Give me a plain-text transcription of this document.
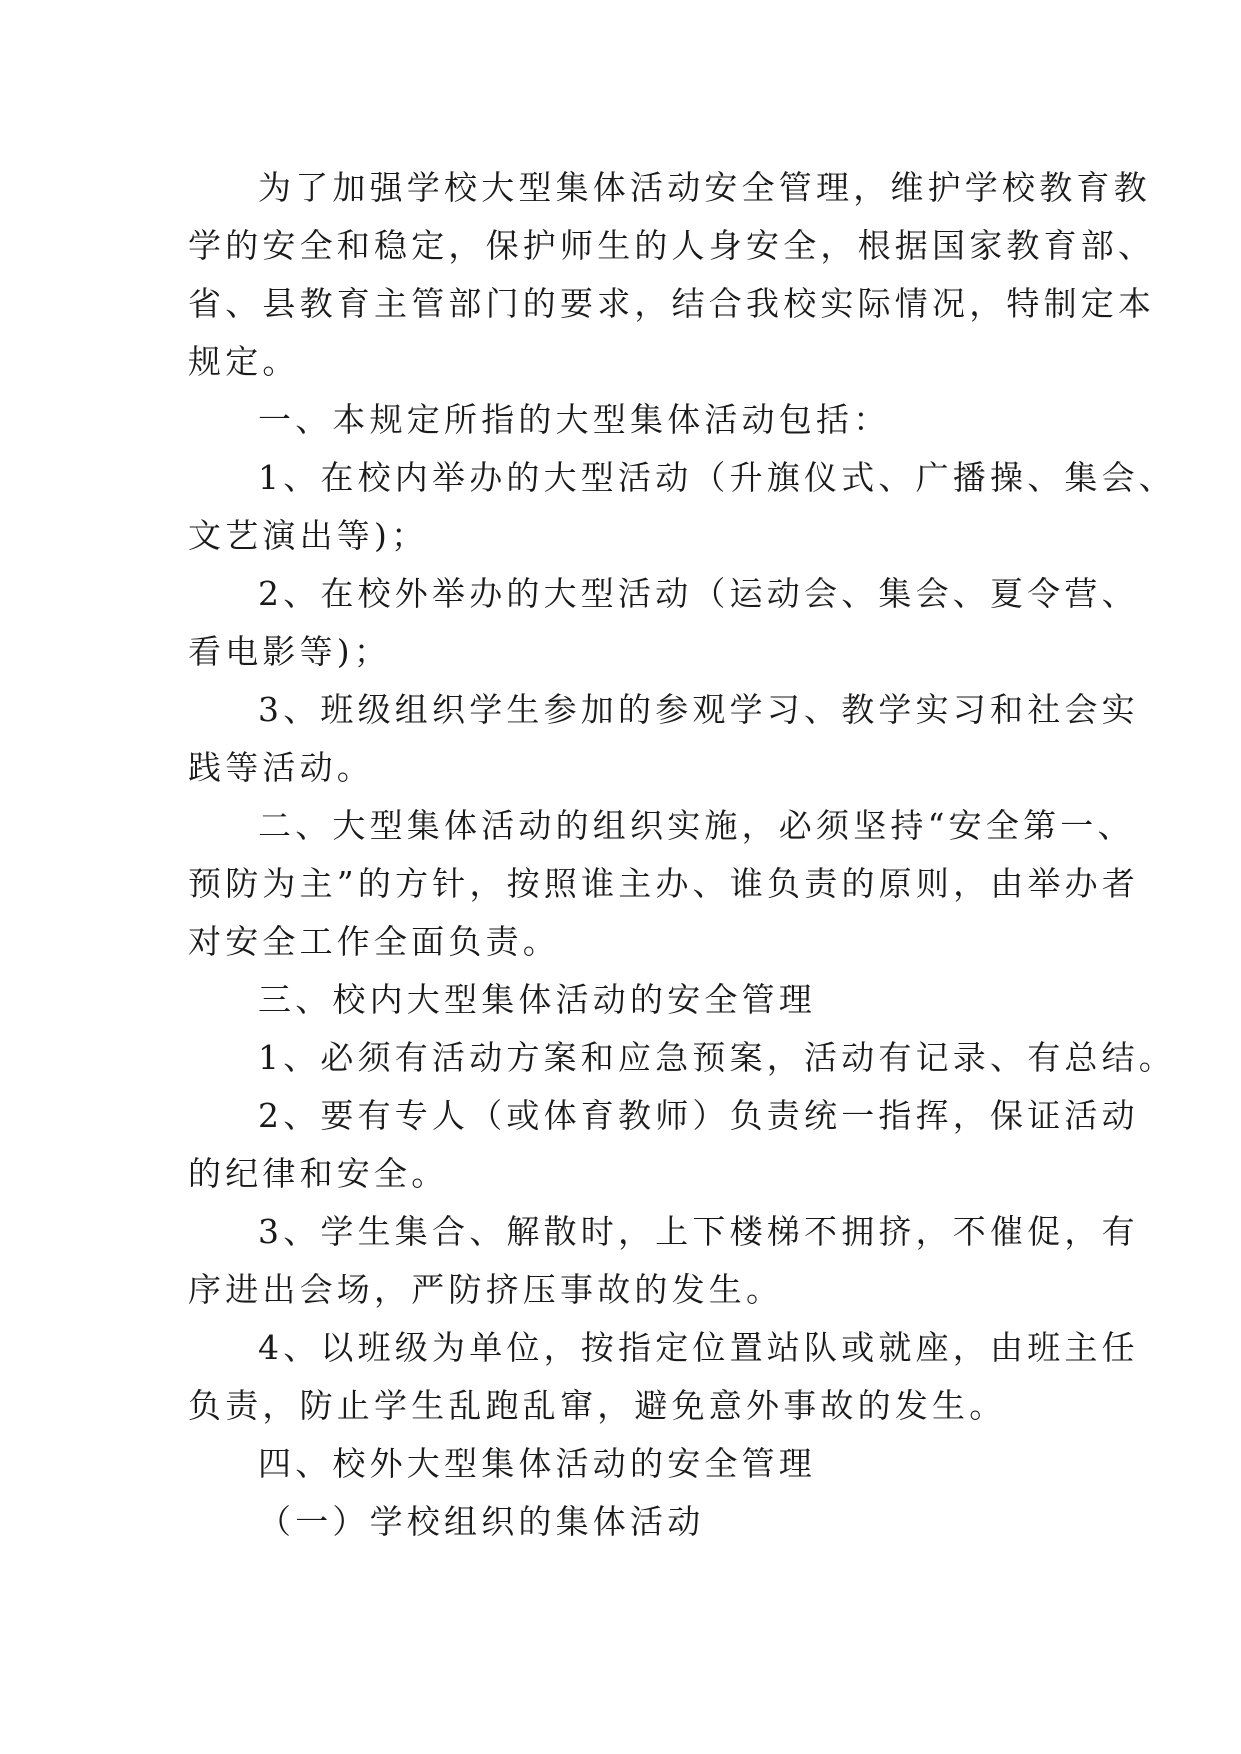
为了加强学校大型集体活动安全管理，维护学校教育教
学的安全和稳定，保护师生的人身安全，根据国家教育部、
省、县教育主管部门的要求，结合我校实际情况，特制定本
规定。
一、本规定所指的大型集体活动包括：
1、在校内举办的大型活动（升旗仪式、广播操、集会、
文艺演出等)；
2、在校外举办的大型活动（运动会、集会、夏令营、
看电影等)；
3、班级组织学生参加的参观学习、教学实习和社会实
践等活动。
二、大型集体活动的组织实施，必须坚持“安全第一、
预防为主”的方针，按照谁主办、谁负责的原则，由举办者
对安全工作全面负责。
三、校内大型集体活动的安全管理
1、必须有活动方案和应急预案，活动有记录、有总结。
2、要有专人（或体育教师）负责统一指挥，保证活动
的纪律和安全。
3、学生集合、解散时，上下楼梯不拥挤，不催促，有
序进出会场，严防挤压事故的发生。
4、以班级为单位，按指定位置站队或就座，由班主任
负责，防止学生乱跑乱窜，避免意外事故的发生。
四、校外大型集体活动的安全管理
（一）学校组织的集体活动
